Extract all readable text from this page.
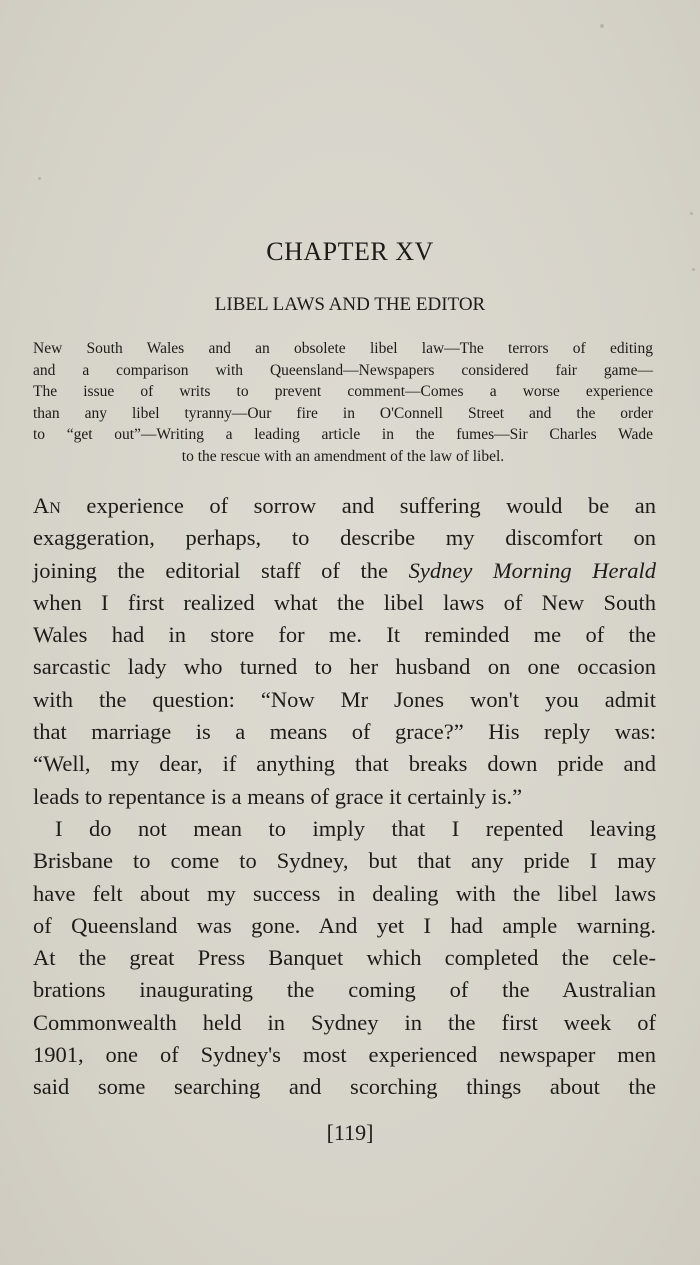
CHAPTER XV
LIBEL LAWS AND THE EDITOR
New South Wales and an obsolete libel law—The terrors of editing
and a comparison with Queensland—Newspapers considered fair game—
The issue of writs to prevent comment—Comes a worse experience
than any libel tyranny—Our fire in O'Connell Street and the order
to “get out”—Writing a leading article in the fumes—Sir Charles Wade
to the rescue with an amendment of the law of libel.
An experience of sorrow and suffering would be an
exaggeration, perhaps, to describe my discomfort on
joining the editorial staff of the Sydney Morning Herald
when I first realized what the libel laws of New South
Wales had in store for me. It reminded me of the
sarcastic lady who turned to her husband on one occasion
with the question: “Now Mr Jones won't you admit
that marriage is a means of grace?” His reply was:
“Well, my dear, if anything that breaks down pride and
leads to repentance is a means of grace it certainly is.”
I do not mean to imply that I repented leaving
Brisbane to come to Sydney, but that any pride I may
have felt about my success in dealing with the libel laws
of Queensland was gone. And yet I had ample warning.
At the great Press Banquet which completed the cele-
brations inaugurating the coming of the Australian
Commonwealth held in Sydney in the first week of
1901, one of Sydney's most experienced newspaper men
said some searching and scorching things about the
[119]
